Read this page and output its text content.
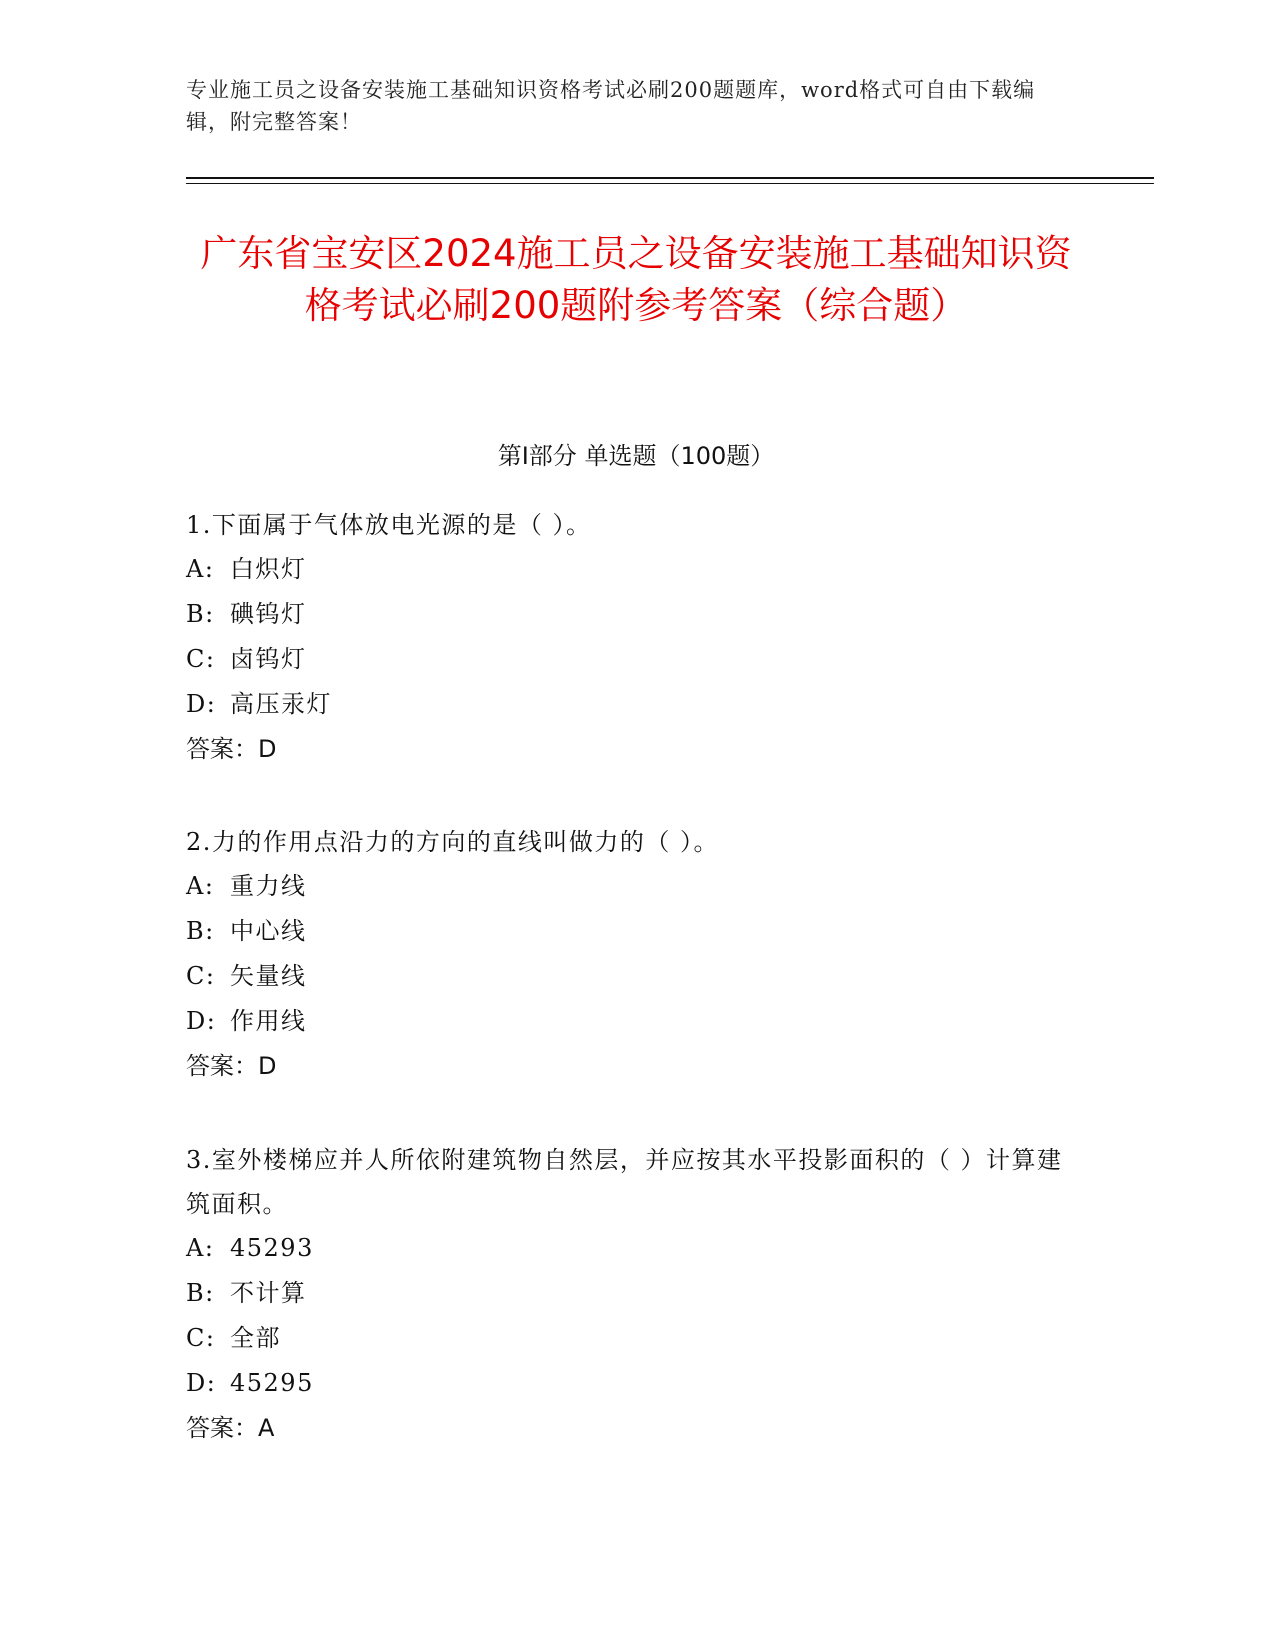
专业施工员之设备安装施工基础知识资格考试必刷200题题库，word格式可自由下载编辑，附完整答案！
广东省宝安区2024施工员之设备安装施工基础知识资格考试必刷200题附参考答案（综合题）
第Ⅰ部分 单选题（100题）

1.下面属于气体放电光源的是（ ）。

A: 白炽灯

B: 碘钨灯

C: 卤钨灯

D: 高压汞灯

答案：D

2.力的作用点沿力的方向的直线叫做力的（ ）。

A: 重力线

B: 中心线

C: 矢量线

D: 作用线

答案：D

3.室外楼梯应并人所依附建筑物自然层，并应按其水平投影面积的（ ）计算建筑面积。

A: 45293

B: 不计算

C: 全部

D: 45295

答案：A
